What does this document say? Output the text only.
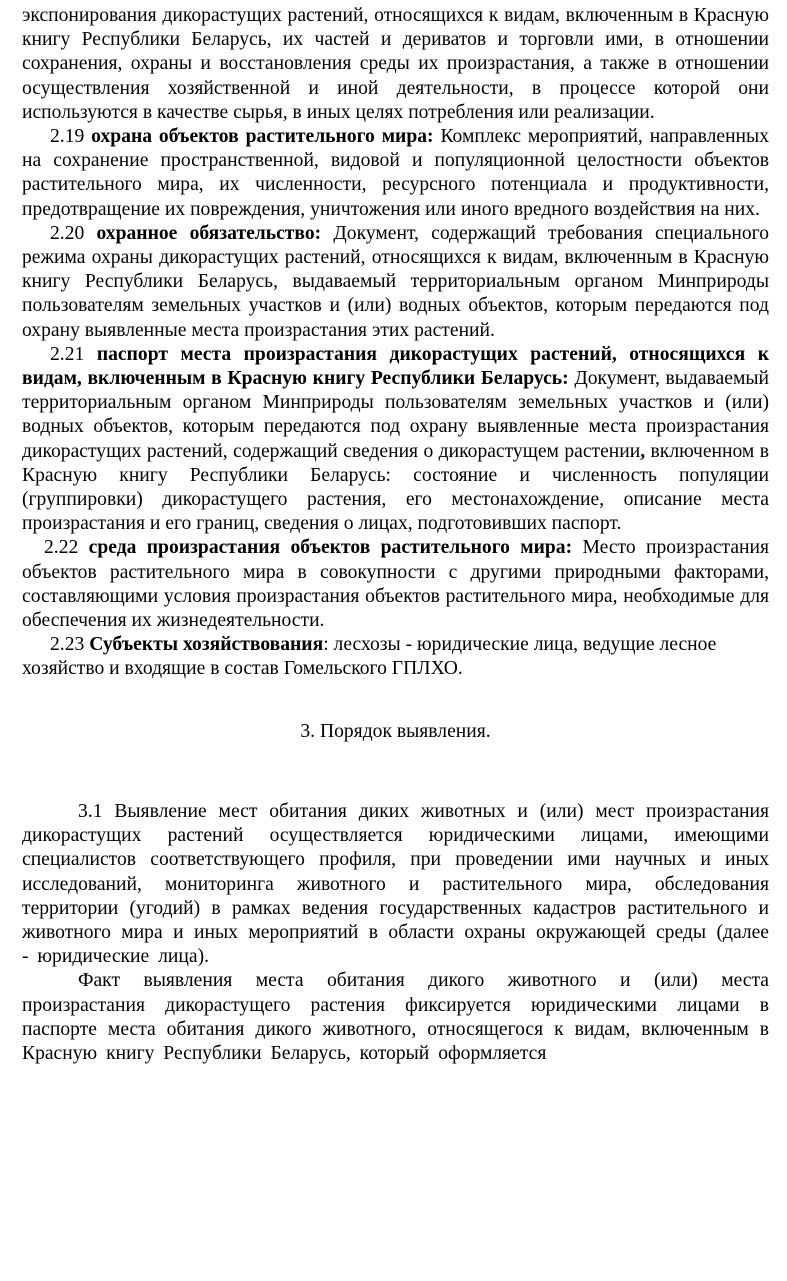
экспонирования дикорастущих растений, относящихся к видам, включенным в Красную книгу Республики Беларусь, их частей и дериватов и торговли ими, в отношении сохранения, охраны и восстановления среды их произрастания, а также в отношении осуществления хозяйственной и иной деятельности, в процессе которой они используются в качестве сырья, в иных целях потребления или реализации.

2.19 охрана объектов растительного мира: Комплекс мероприятий, направленных на сохранение пространственной, видовой и популяционной целостности объектов растительного мира, их численности, ресурсного потенциала и продуктивности, предотвращение их повреждения, уничтожения или иного вредного воздействия на них.

2.20 охранное обязательство: Документ, содержащий требования специального режима охраны дикорастущих растений, относящихся к видам, включенным в Красную книгу Республики Беларусь, выдаваемый территориальным органом Минприроды пользователям земельных участков и (или) водных объектов, которым передаются под охрану выявленные места произрастания этих растений.

2.21 паспорт места произрастания дикорастущих растений, относящихся к видам, включенным в Красную книгу Республики Беларусь: Документ, выдаваемый территориальным органом Минприроды пользователям земельных участков и (или) водных объектов, которым передаются под охрану выявленные места произрастания дикорастущих растений, содержащий сведения о дикорастущем растении, включенном в Красную книгу Республики Беларусь: состояние и численность популяции (группировки) дикорастущего растения, его местонахождение, описание места произрастания и его границ, сведения о лицах, подготовивших паспорт.

2.22 среда произрастания объектов растительного мира: Место произрастания объектов растительного мира в совокупности с другими природными факторами, составляющими условия произрастания объектов растительного мира, необходимые для обеспечения их жизнедеятельности.

2.23 Субъекты хозяйствования: лесхозы - юридические лица, ведущие лесное хозяйство и входящие в состав Гомельского ГПЛХО.

3. Порядок выявления.

3.1 Выявление мест обитания диких животных и (или) мест произрастания дикорастущих растений осуществляется юридическими лицами, имеющими специалистов соответствующего профиля, при проведении ими научных и иных исследований, мониторинга животного и растительного мира, обследования территории (угодий) в рамках ведения государственных кадастров растительного и животного мира и иных мероприятий в области охраны окружающей среды (далее - юридические лица).

Факт выявления места обитания дикого животного и (или) места произрастания дикорастущего растения фиксируется юридическими лицами в паспорте места обитания дикого животного, относящегося к видам, включенным в Красную книгу Республики Беларусь, который оформляется
